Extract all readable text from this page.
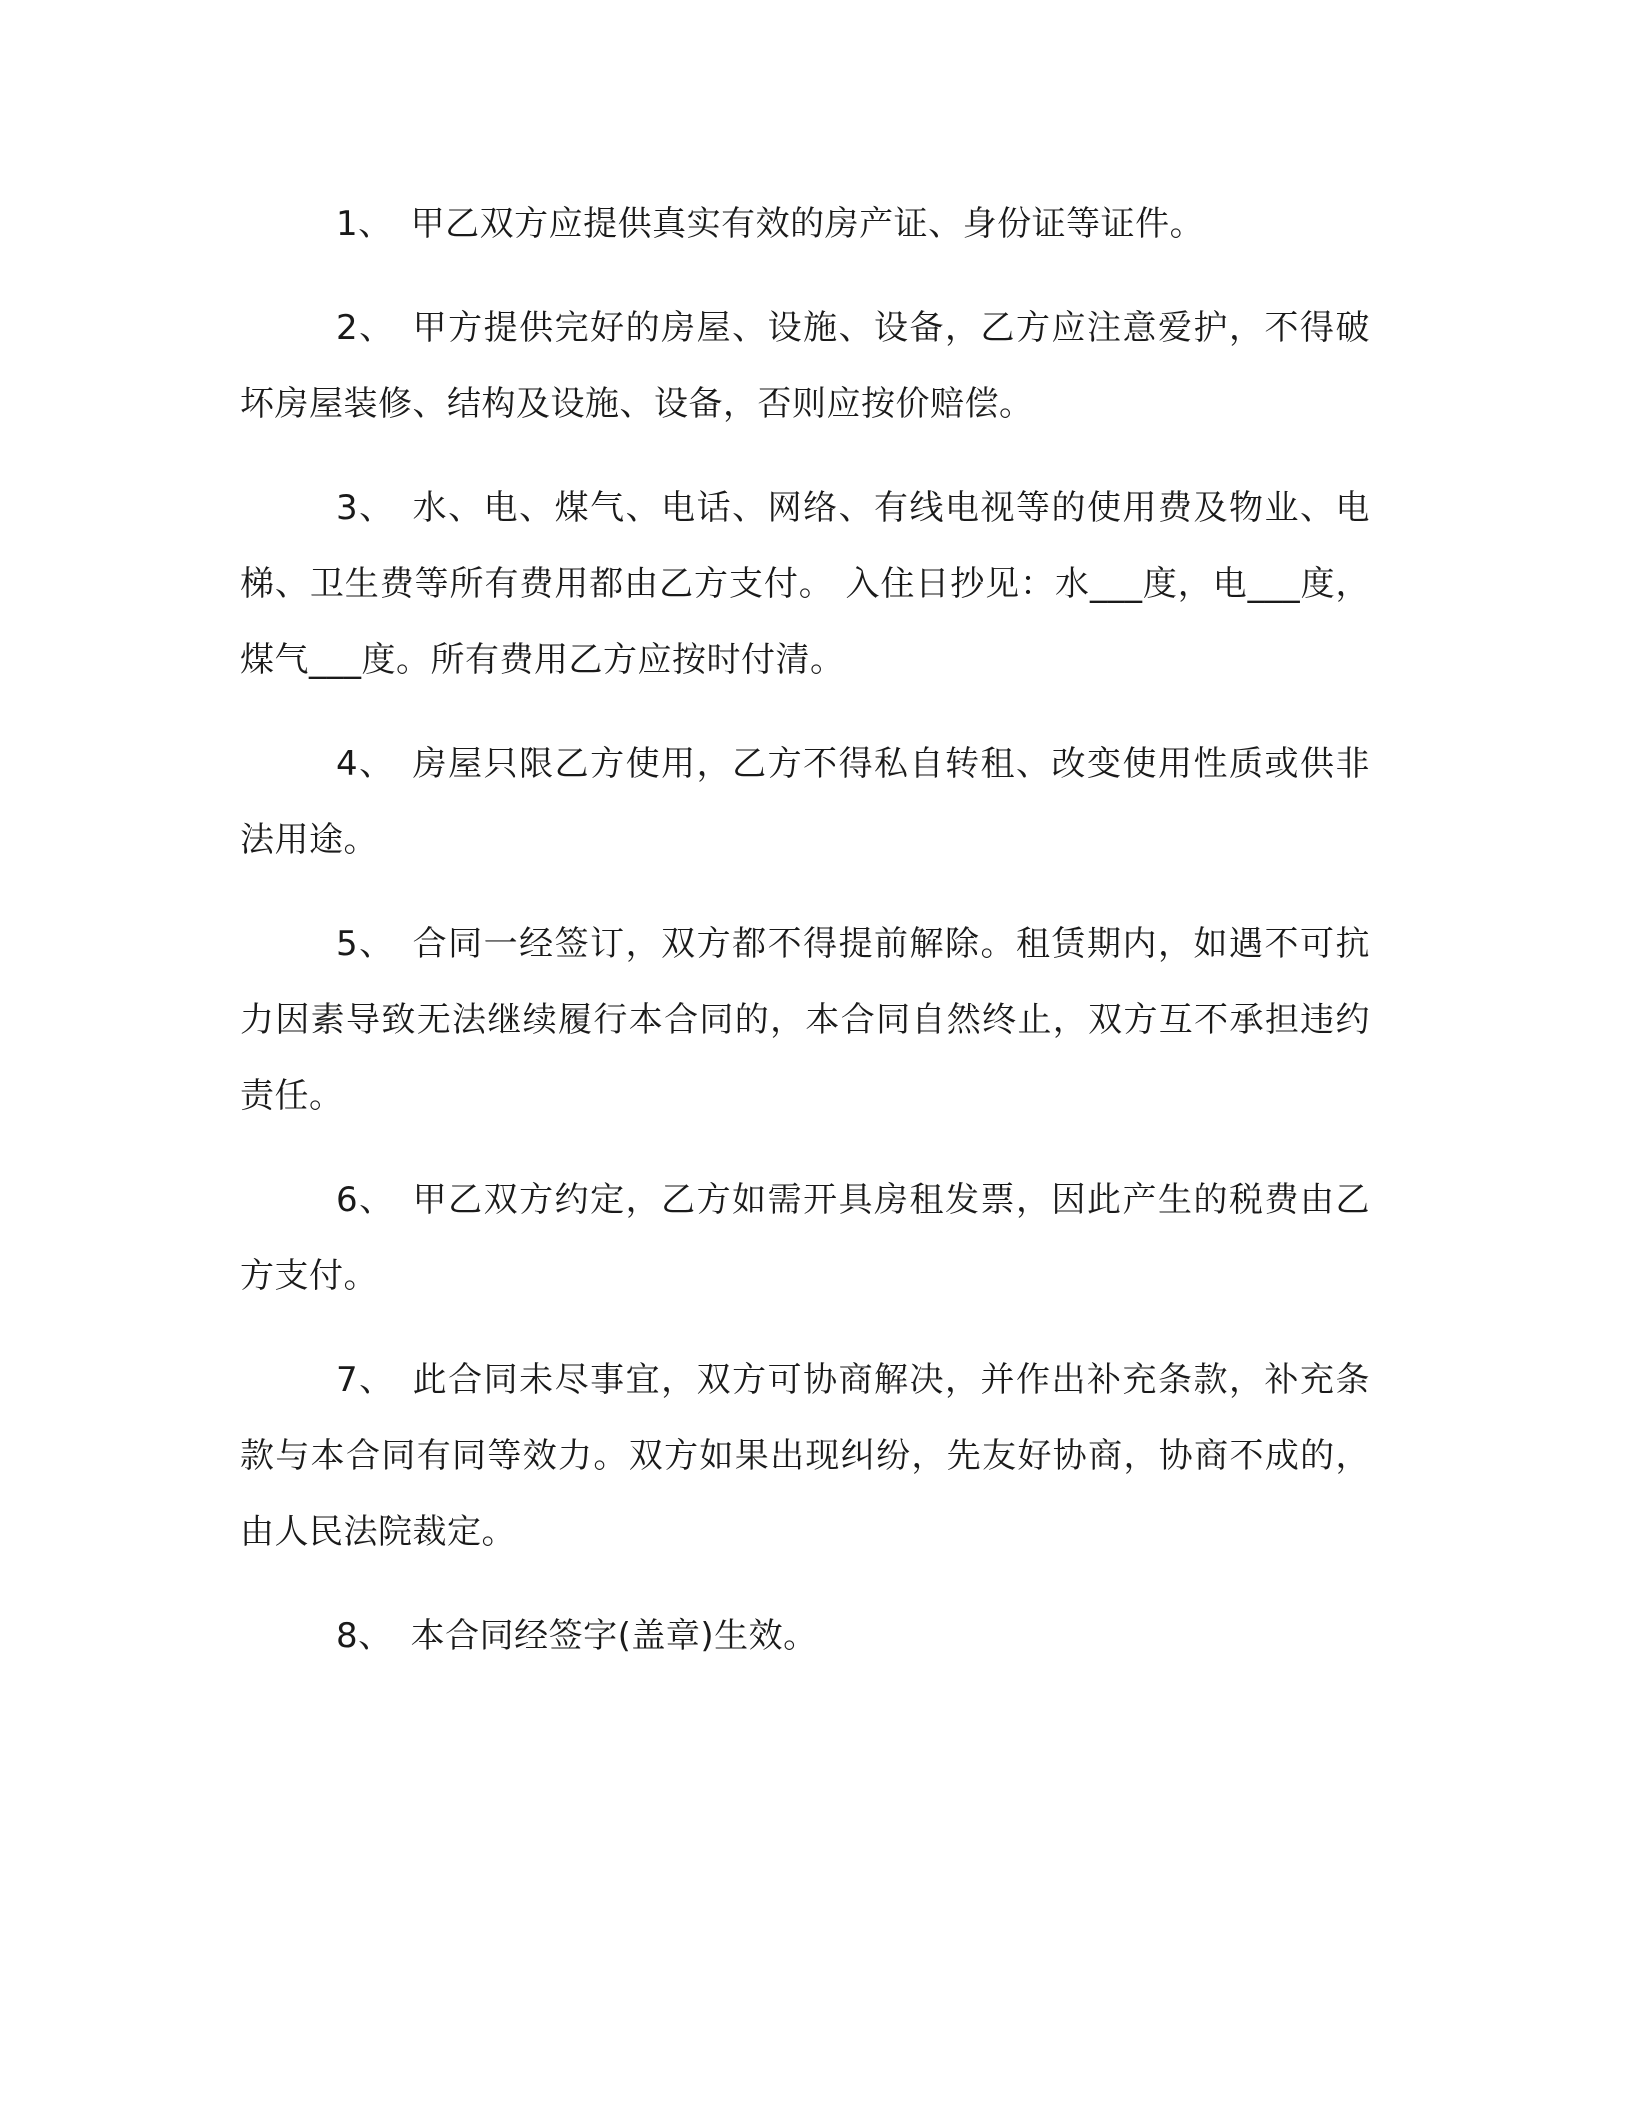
1、 甲乙双方应提供真实有效的房产证、身份证等证件。

2、 甲方提供完好的房屋、设施、设备，乙方应注意爱护，不得破坏房屋装修、结构及设施、设备，否则应按价赔偿。

3、 水、电、煤气、电话、网络、有线电视等的使用费及物业、电梯、卫生费等所有费用都由乙方支付。 入住日抄见：水___度，电___度，煤气___度。所有费用乙方应按时付清。

4、 房屋只限乙方使用，乙方不得私自转租、改变使用性质或供非法用途。

5、 合同一经签订，双方都不得提前解除。租赁期内，如遇不可抗力因素导致无法继续履行本合同的，本合同自然终止，双方互不承担违约责任。

6、 甲乙双方约定，乙方如需开具房租发票，因此产生的税费由乙方支付。

7、 此合同未尽事宜，双方可协商解决，并作出补充条款，补充条款与本合同有同等效力。双方如果出现纠纷，先友好协商，协商不成的，由人民法院裁定。

8、 本合同经签字(盖章)生效。
